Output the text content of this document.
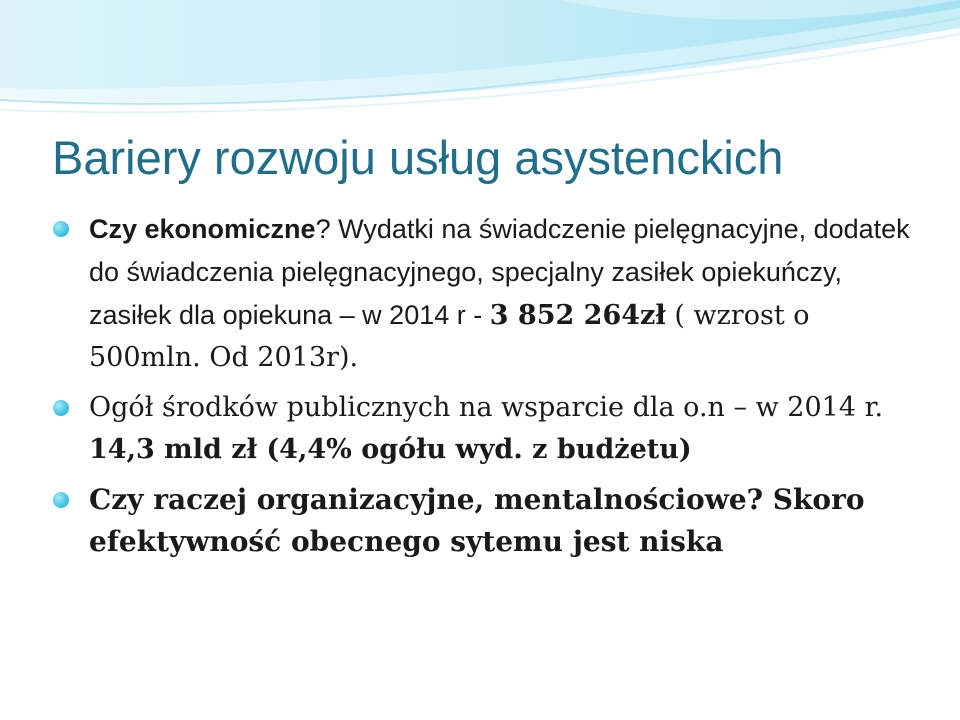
Bariery rozwoju usług asystenckich
Czy ekonomiczne? Wydatki na świadczenie pielęgnacyjne, dodatek do świadczenia pielęgnacyjnego, specjalny zasiłek opiekuńczy, zasiłek dla opiekuna – w 2014 r - 3 852 264zł ( wzrost o 500mln. Od 2013r).
Ogół środków publicznych na wsparcie dla o.n – w 2014 r. 14,3 mld zł (4,4% ogółu wyd. z budżetu)
Czy raczej organizacyjne, mentalnościowe? Skoro efektywność obecnego sytemu jest niska
